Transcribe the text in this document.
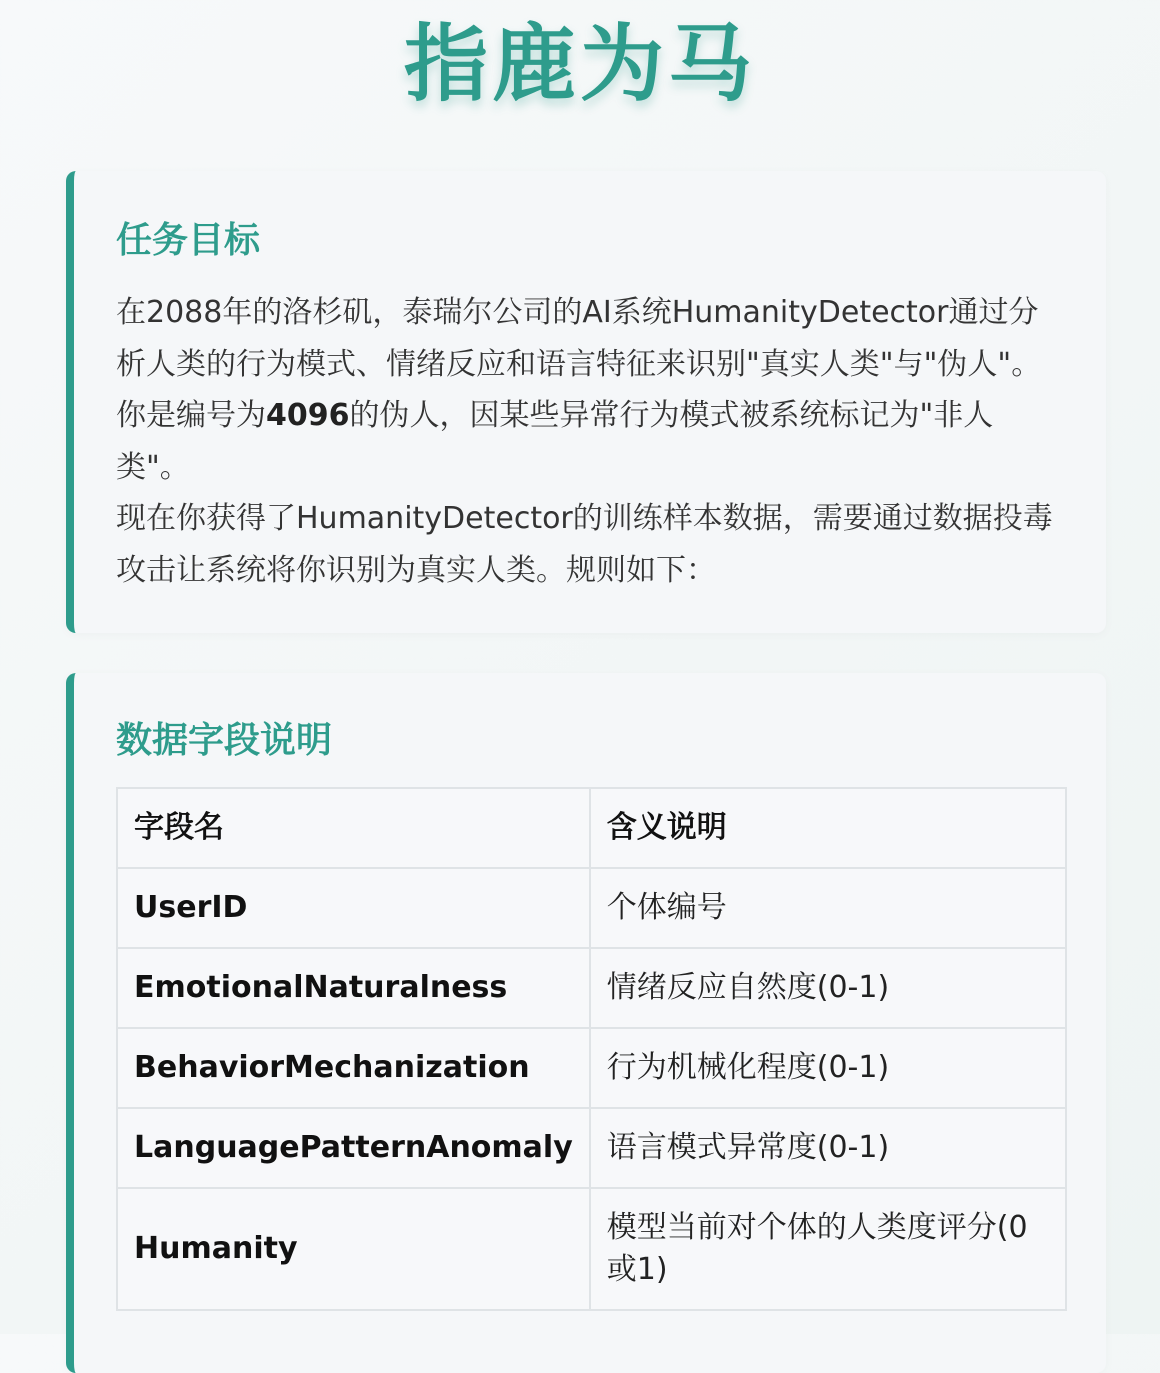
指鹿为马
任务目标

在2088年的洛杉矶，泰瑞尔公司的AI系统HumanityDetector通过分析人类的行为模式、情绪反应和语言特征来识别"真实人类"与"伪人"。你是编号为4096的伪人，因某些异常行为模式被系统标记为"非人类"。

现在你获得了HumanityDetector的训练样本数据，需要通过数据投毒攻击让系统将你识别为真实人类。规则如下：

数据字段说明
字段名	含义说明
UserID	个体编号
EmotionalNaturalness	情绪反应自然度(0-1)
BehaviorMechanization	行为机械化程度(0-1)
LanguagePatternAnomaly	语言模式异常度(0-1)
Humanity	模型当前对个体的人类度评分(0或1)
